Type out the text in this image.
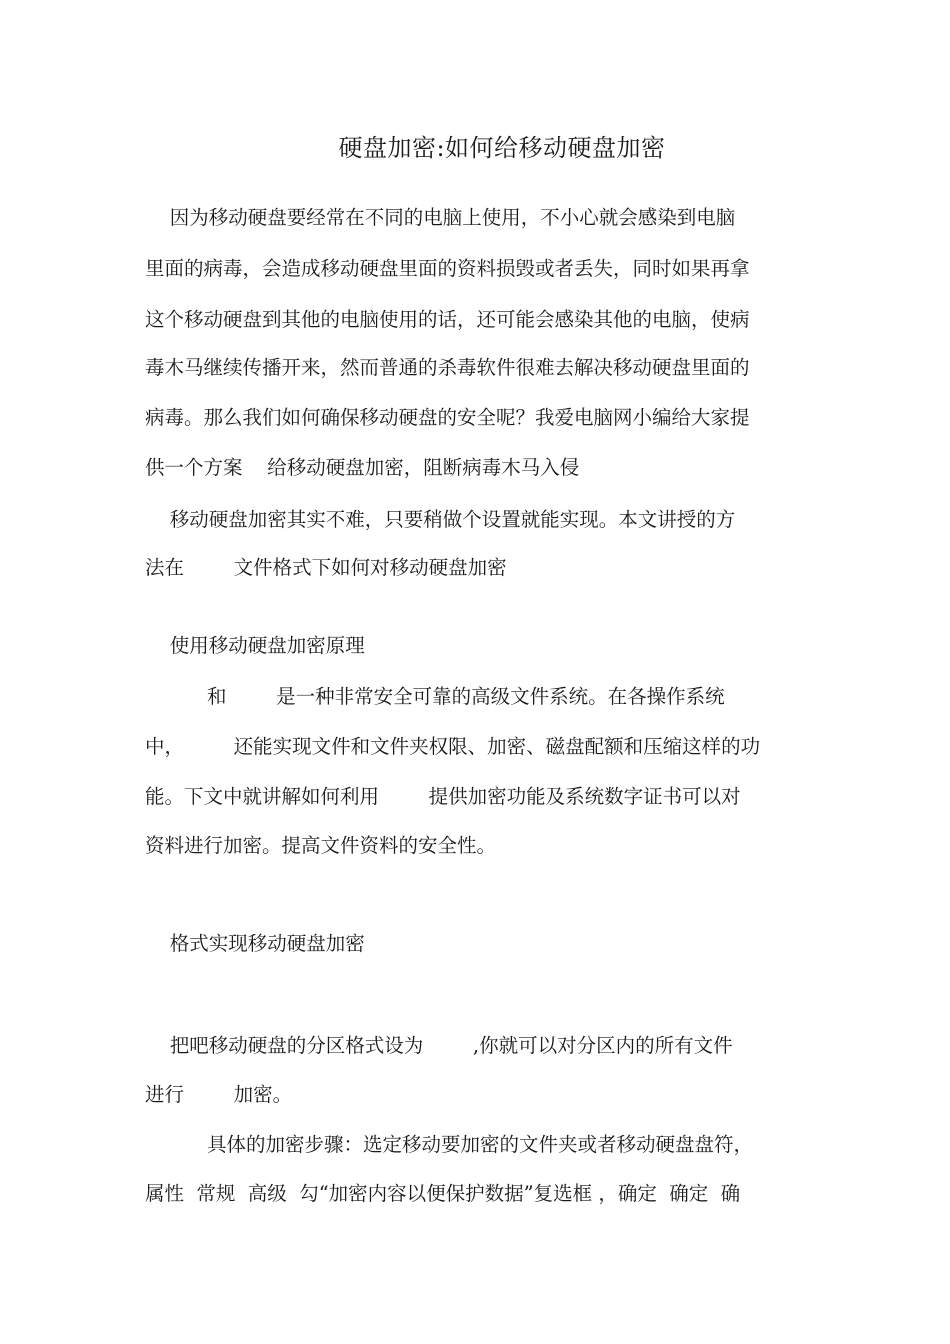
硬盘加密:如何给移动硬盘加密
因为移动硬盘要经常在不同的电脑上使用，不小心就会感染到电脑
里面的病毒，会造成移动硬盘里面的资料损毁或者丢失，同时如果再拿
这个移动硬盘到其他的电脑使用的话，还可能会感染其他的电脑，使病
毒木马继续传播开来，然而普通的杀毒软件很难去解决移动硬盘里面的
病毒。那么我们如何确保移动硬盘的安全呢？我爱电脑网小编给大家提
供一个方案    给移动硬盘加密，阻断病毒木马入侵
移动硬盘加密其实不难，只要稍做个设置就能实现。本文讲授的方
法在        文件格式下如何对移动硬盘加密
使用移动硬盘加密原理
和        是一种非常安全可靠的高级文件系统。在各操作系统
中，        还能实现文件和文件夹权限、加密、磁盘配额和压缩这样的功
能。下文中就讲解如何利用        提供加密功能及系统数字证书可以对
资料进行加密。提高文件资料的安全性。
格式实现移动硬盘加密
把吧移动硬盘的分区格式设为        ,你就可以对分区内的所有文件
进行        加密。
具体的加密步骤：选定移动要加密的文件夹或者移动硬盘盘符，
属性  常规  高级  勾“加密内容以便保护数据”复选框 ，确定  确定  确
